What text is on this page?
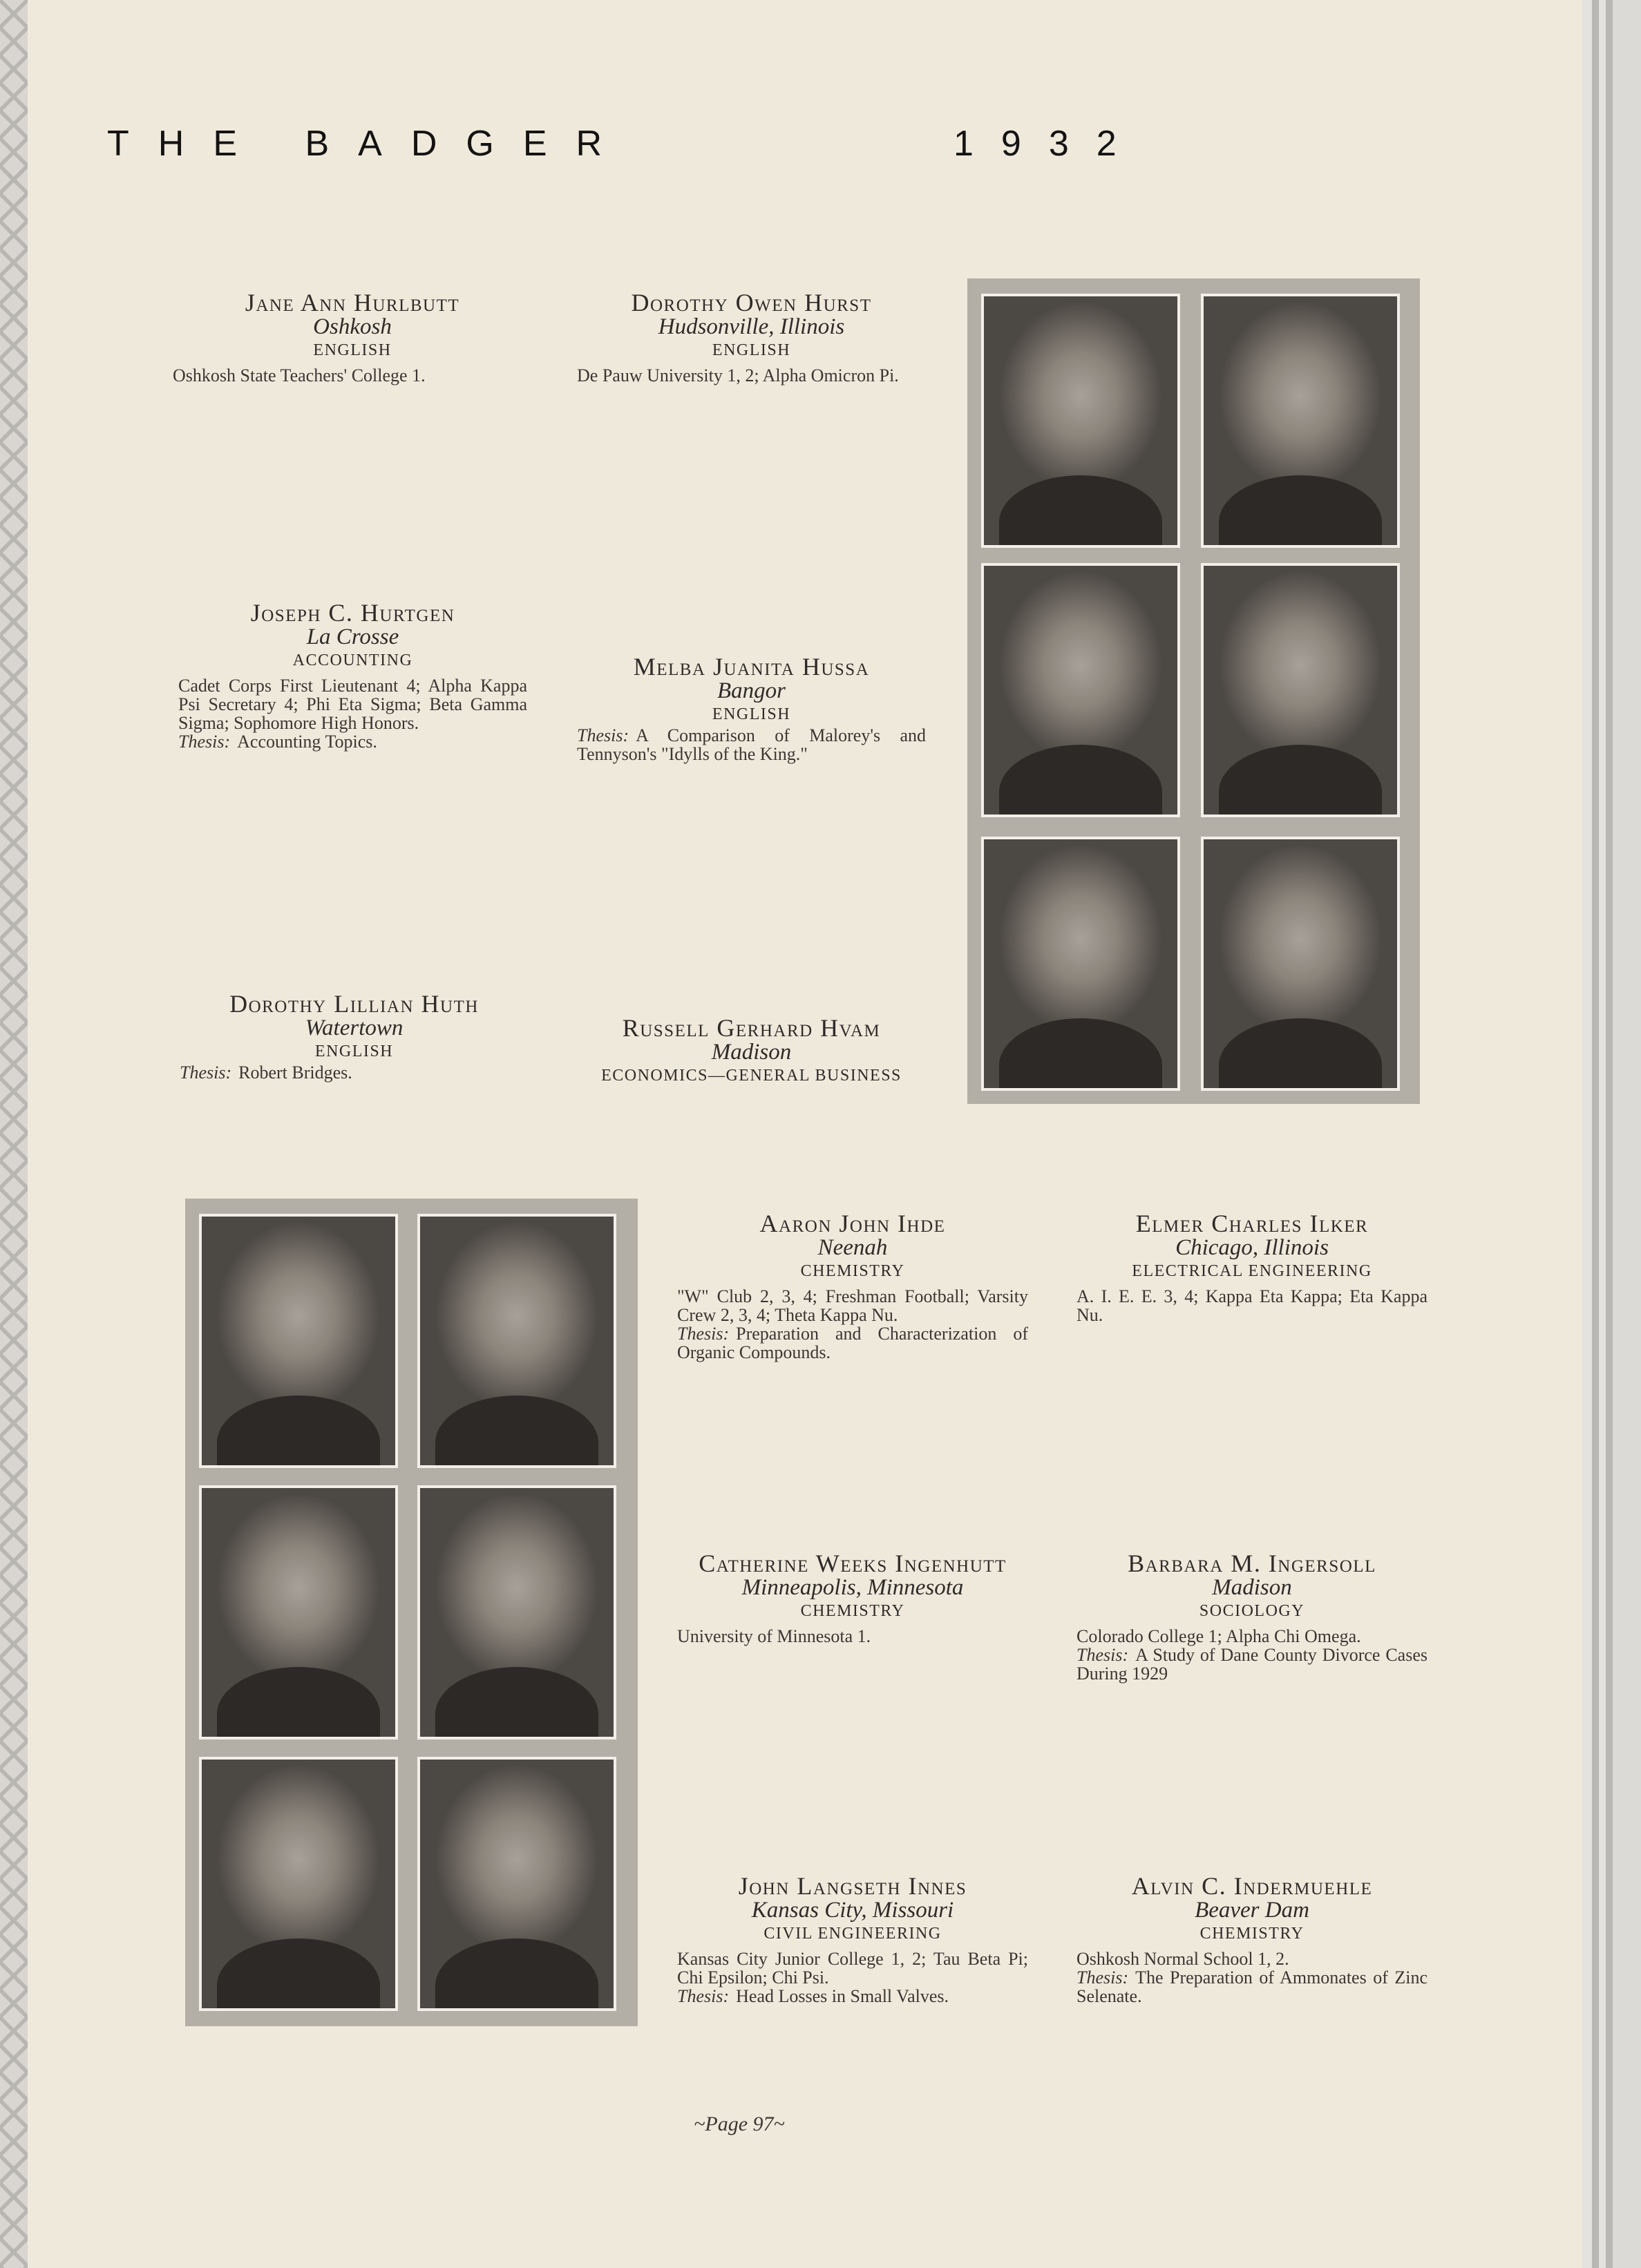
THE BADGER	1932
Jane Ann Hurlbutt
Oshkosh
ENGLISH
Oshkosh State Teachers' College 1.
Dorothy Owen Hurst
Hudsonville, Illinois
ENGLISH
De Pauw University 1, 2; Alpha Omicron Pi.
Joseph C. Hurtgen
La Crosse
ACCOUNTING
Cadet Corps First Lieutenant 4; Alpha Kappa Psi Secretary 4; Phi Eta Sigma; Beta Gamma Sigma; Sophomore High Honors.
Thesis: Accounting Topics.
Melba Juanita Hussa
Bangor
ENGLISH
Thesis: A Comparison of Malorey's and Tennyson's "Idylls of the King."
Dorothy Lillian Huth
Watertown
ENGLISH
Thesis: Robert Bridges.
Russell Gerhard Hvam
Madison
ECONOMICS—GENERAL BUSINESS
Aaron John Ihde
Neenah
CHEMISTRY
"W" Club 2, 3, 4; Freshman Football; Varsity Crew 2, 3, 4; Theta Kappa Nu.
Thesis: Preparation and Characterization of Organic Compounds.
Elmer Charles Ilker
Chicago, Illinois
ELECTRICAL ENGINEERING
A. I. E. E. 3, 4; Kappa Eta Kappa; Eta Kappa Nu.
Catherine Weeks Ingenhutt
Minneapolis, Minnesota
CHEMISTRY
University of Minnesota 1.
Barbara M. Ingersoll
Madison
SOCIOLOGY
Colorado College 1; Alpha Chi Omega.
Thesis: A Study of Dane County Divorce Cases During 1929
John Langseth Innes
Kansas City, Missouri
CIVIL ENGINEERING
Kansas City Junior College 1, 2; Tau Beta Pi; Chi Epsilon; Chi Psi.
Thesis: Head Losses in Small Valves.
Alvin C. Indermuehle
Beaver Dam
CHEMISTRY
Oshkosh Normal School 1, 2.
Thesis: The Preparation of Ammonates of Zinc Selenate.
~Page 97~
